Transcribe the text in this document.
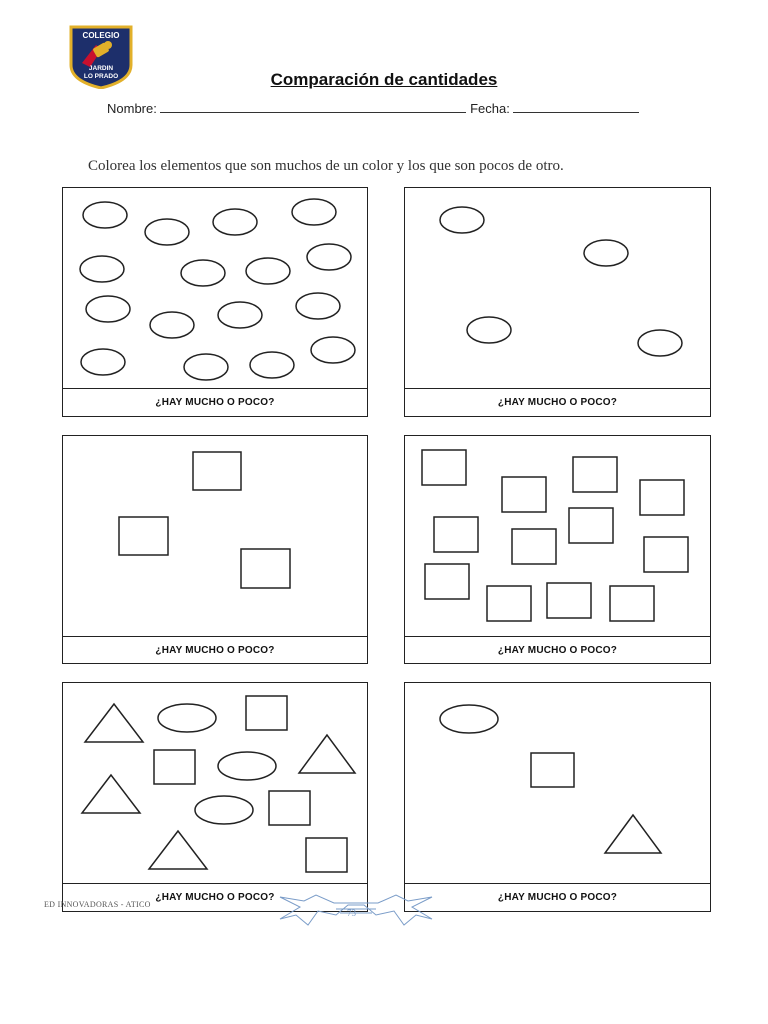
COLEGIO
JARDIN
LO PRADO	Comparación de cantidades
Nombre:	Fecha:
Colorea los elementos que son muchos de un color y los que son pocos de otro.
¿HAY MUCHO O POCO?	¿HAY MUCHO O POCO?
¿HAY MUCHO O POCO?	¿HAY MUCHO O POCO?
¿HAY MUCHO O POCO?	¿HAY MUCHO O POCO?
ED INNOVADORAS - ATICO
73
